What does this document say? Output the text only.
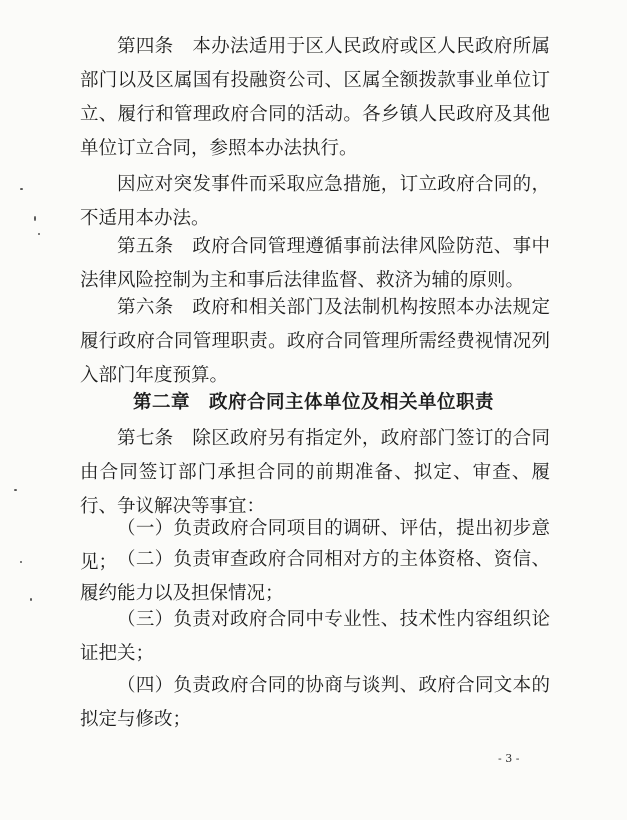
第四条　本办法适用于区人民政府或区人民政府所属部门以及区属国有投融资公司、区属全额拨款事业单位订立、履行和管理政府合同的活动。各乡镇人民政府及其他单位订立合同，参照本办法执行。

因应对突发事件而采取应急措施，订立政府合同的，不适用本办法。

第五条　政府合同管理遵循事前法律风险防范、事中法律风险控制为主和事后法律监督、救济为辅的原则。

第六条　政府和相关部门及法制机构按照本办法规定履行政府合同管理职责。政府合同管理所需经费视情况列入部门年度预算。

第二章　政府合同主体单位及相关单位职责

第七条　除区政府另有指定外，政府部门签订的合同由合同签订部门承担合同的前期准备、拟定、审查、履行、争议解决等事宜：

（一）负责政府合同项目的调研、评估，提出初步意见； （二）负责审查政府合同相对方的主体资格、资信、履约能力以及担保情况；

（三）负责对政府合同中专业性、技术性内容组织论证把关；

（四）负责政府合同的协商与谈判、政府合同文本的拟定与修改；

- 3 -
